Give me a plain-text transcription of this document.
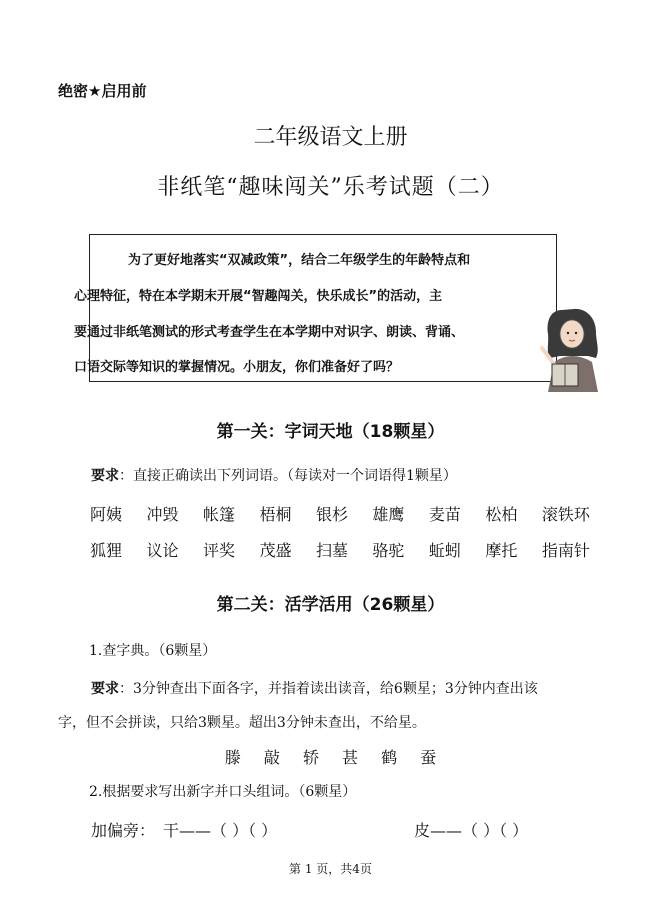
绝密★启用前
二年级语文上册
非纸笔“趣味闯关”乐考试题（二）
为了更好地落实“双减政策”，结合二年级学生的年龄特点和
心理特征，特在本学期末开展“智趣闯关，快乐成长”的活动，主
要通过非纸笔测试的形式考查学生在本学期中对识字、朗读、背诵、
口语交际等知识的掌握情况。小朋友，你们准备好了吗？
第一关：字词天地（18颗星）
要求：直接正确读出下列词语。（每读对一个词语得1颗星）
阿姨 冲毁 帐篷 梧桐 银杉 雄鹰 麦苗 松柏 滚铁环
狐狸 议论 评奖 茂盛 扫墓 骆驼 蚯蚓 摩托 指南针
第二关：活学活用（26颗星）
1.查字典。（6颗星）
要求：3分钟查出下面各字，并指着读出读音，给6颗星；3分钟内查出该
字，但不会拼读，只给3颗星。超出3分钟未查出，不给星。
滕 敲 轿 甚 鹤 蚕
2.根据要求写出新字并口头组词。（6颗星）
加偏旁： 干——（ ）（ ）	皮——（ ）（ ）
第 1 页，共4页
